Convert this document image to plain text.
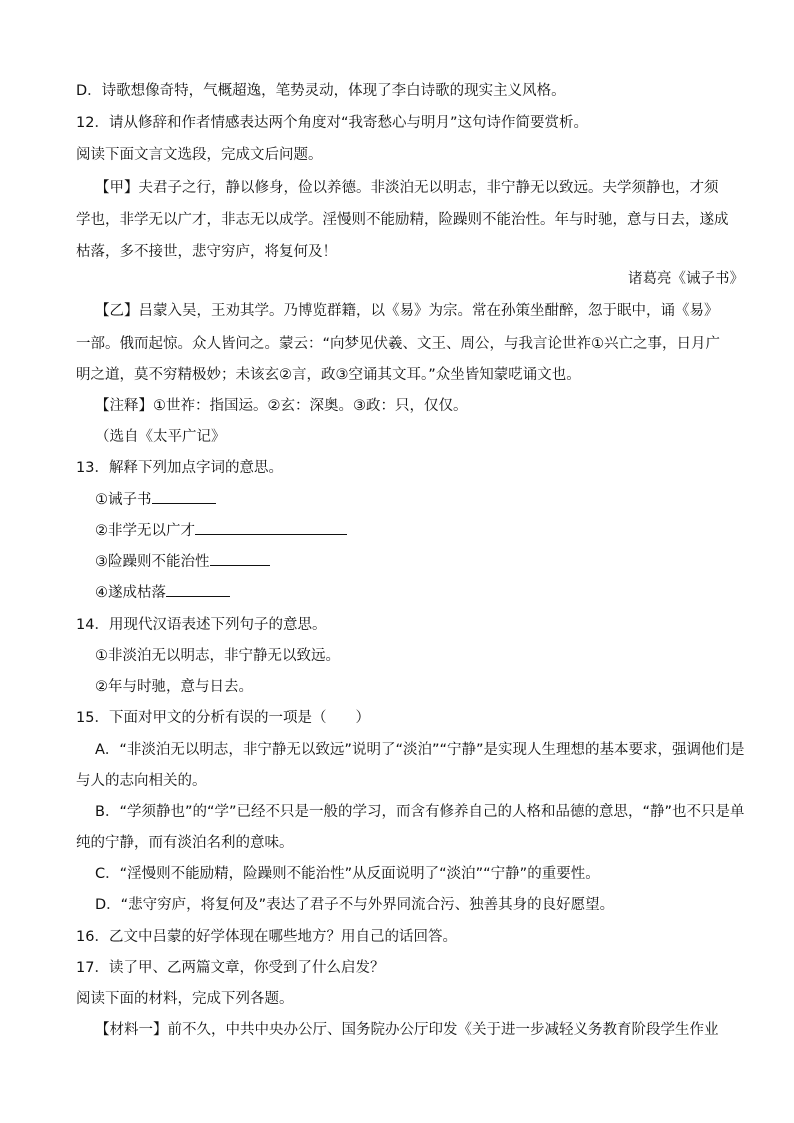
D．诗歌想像奇特，气概超逸，笔势灵动，体现了李白诗歌的现实主义风格。
12．请从修辞和作者情感表达两个角度对“我寄愁心与明月”这句诗作简要赏析。
阅读下面文言文选段，完成文后问题。
【甲】夫君子之行，静以修身，俭以养德。非淡泊无以明志，非宁静无以致远。夫学须静也，才须
学也，非学无以广才，非志无以成学。淫慢则不能励精，险躁则不能治性。年与时驰，意与日去，遂成
枯落，多不接世，悲守穷庐，将复何及！
诸葛亮《诫子书》
【乙】吕蒙入吴，王劝其学。乃博览群籍，以《易》为宗。常在孙策坐酣醉，忽于眠中，诵《易》
一部。俄而起惊。众人皆问之。蒙云：“向梦见伏羲、文王、周公，与我言论世祚①兴亡之事，日月广
明之道，莫不穷精极妙；未该玄②言，政③空诵其文耳。”众坐皆知蒙呓诵文也。
【注释】①世祚：指国运。②玄：深奥。③政：只，仅仅。
（选自《太平广记》
13．解释下列加点字词的意思。
①诫子书
②非学无以广才
③险躁则不能治性
④遂成枯落
14．用现代汉语表述下列句子的意思。
①非淡泊无以明志，非宁静无以致远。
②年与时驰，意与日去。
15．下面对甲文的分析有误的一项是（　　）
A．“非淡泊无以明志，非宁静无以致远”说明了“淡泊”“宁静”是实现人生理想的基本要求，强调他们是
与人的志向相关的。
B．“学须静也”的“学”已经不只是一般的学习，而含有修养自己的人格和品德的意思，“静”也不只是单
纯的宁静，而有淡泊名利的意味。
C．“淫慢则不能励精，险躁则不能治性”从反面说明了“淡泊”“宁静”的重要性。
D．“悲守穷庐，将复何及”表达了君子不与外界同流合污、独善其身的良好愿望。
16．乙文中吕蒙的好学体现在哪些地方？用自己的话回答。
17．读了甲、乙两篇文章，你受到了什么启发？
阅读下面的材料，完成下列各题。
【材料一】前不久，中共中央办公厅、国务院办公厅印发《关于进一步减轻义务教育阶段学生作业
